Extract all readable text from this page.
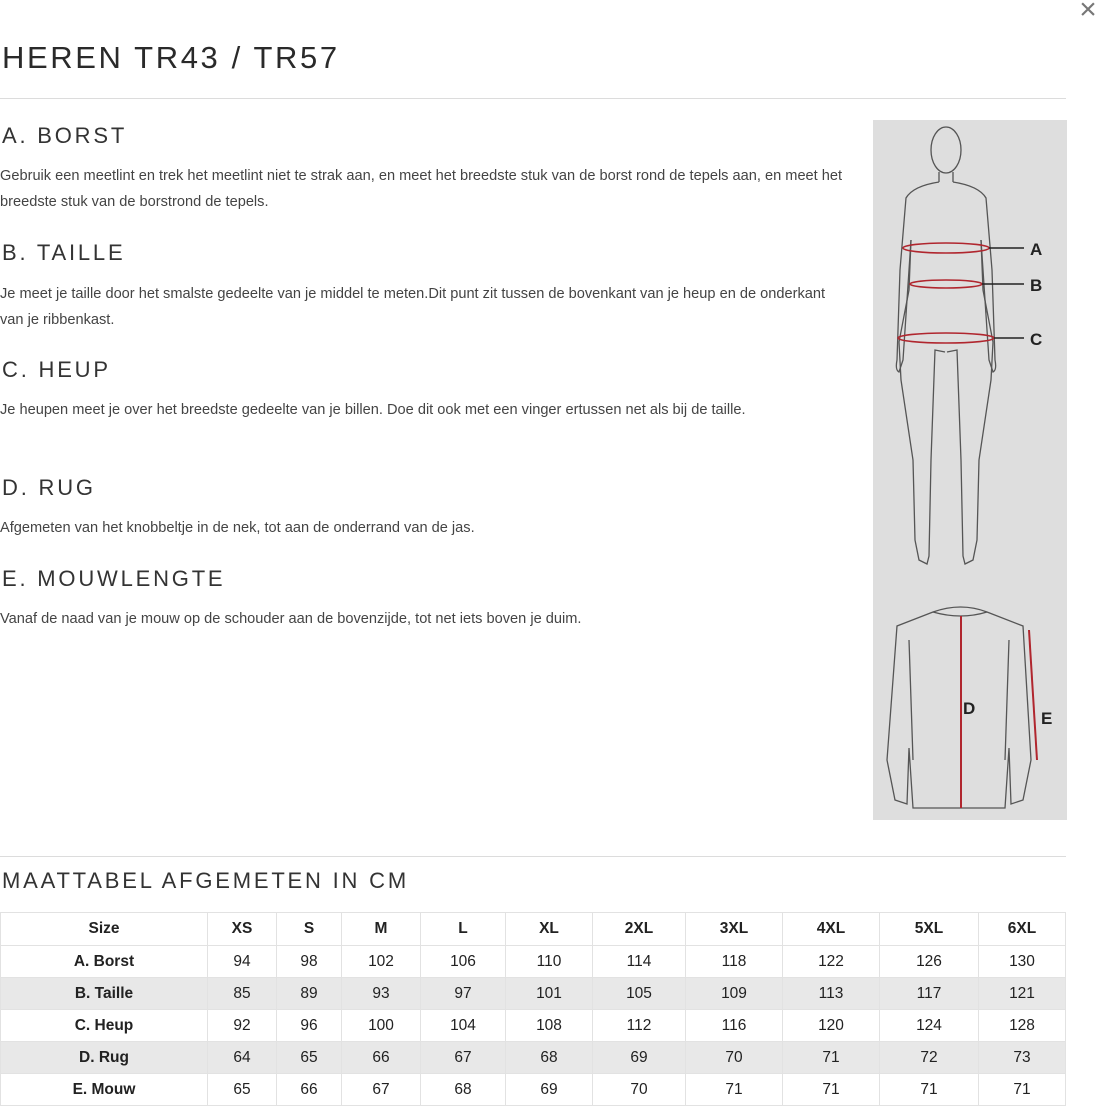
×
HEREN TR43 / TR57
A. BORST

Gebruik een meetlint en trek het meetlint niet te strak aan, en meet het breedste stuk van de borst rond de tepels aan, en meet het breedste stuk van de borstrond de tepels.

B. TAILLE

Je meet je taille door het smalste gedeelte van je middel te meten.Dit punt zit tussen de bovenkant van je heup en de onderkant van je ribbenkast.

C. HEUP

Je heupen meet je over het breedste gedeelte van je billen. Doe dit ook met een vinger ertussen net als bij de taille.

D. RUG

Afgemeten van het knobbeltje in de nek, tot aan de onderrand van de jas.

E. MOUWLENGTE

Vanaf de naad van je mouw op de schouder aan de bovenzijde, tot net iets boven je duim.

A
B
C
D
E
MAATTABEL AFGEMETEN IN CM
Size	XS	S	M	L	XL	2XL	3XL	4XL	5XL	6XL
A. Borst	94	98	102	106	110	114	118	122	126	130
B. Taille	85	89	93	97	101	105	109	113	117	121
C. Heup	92	96	100	104	108	112	116	120	124	128
D. Rug	64	65	66	67	68	69	70	71	72	73
E. Mouw	65	66	67	68	69	70	71	71	71	71
